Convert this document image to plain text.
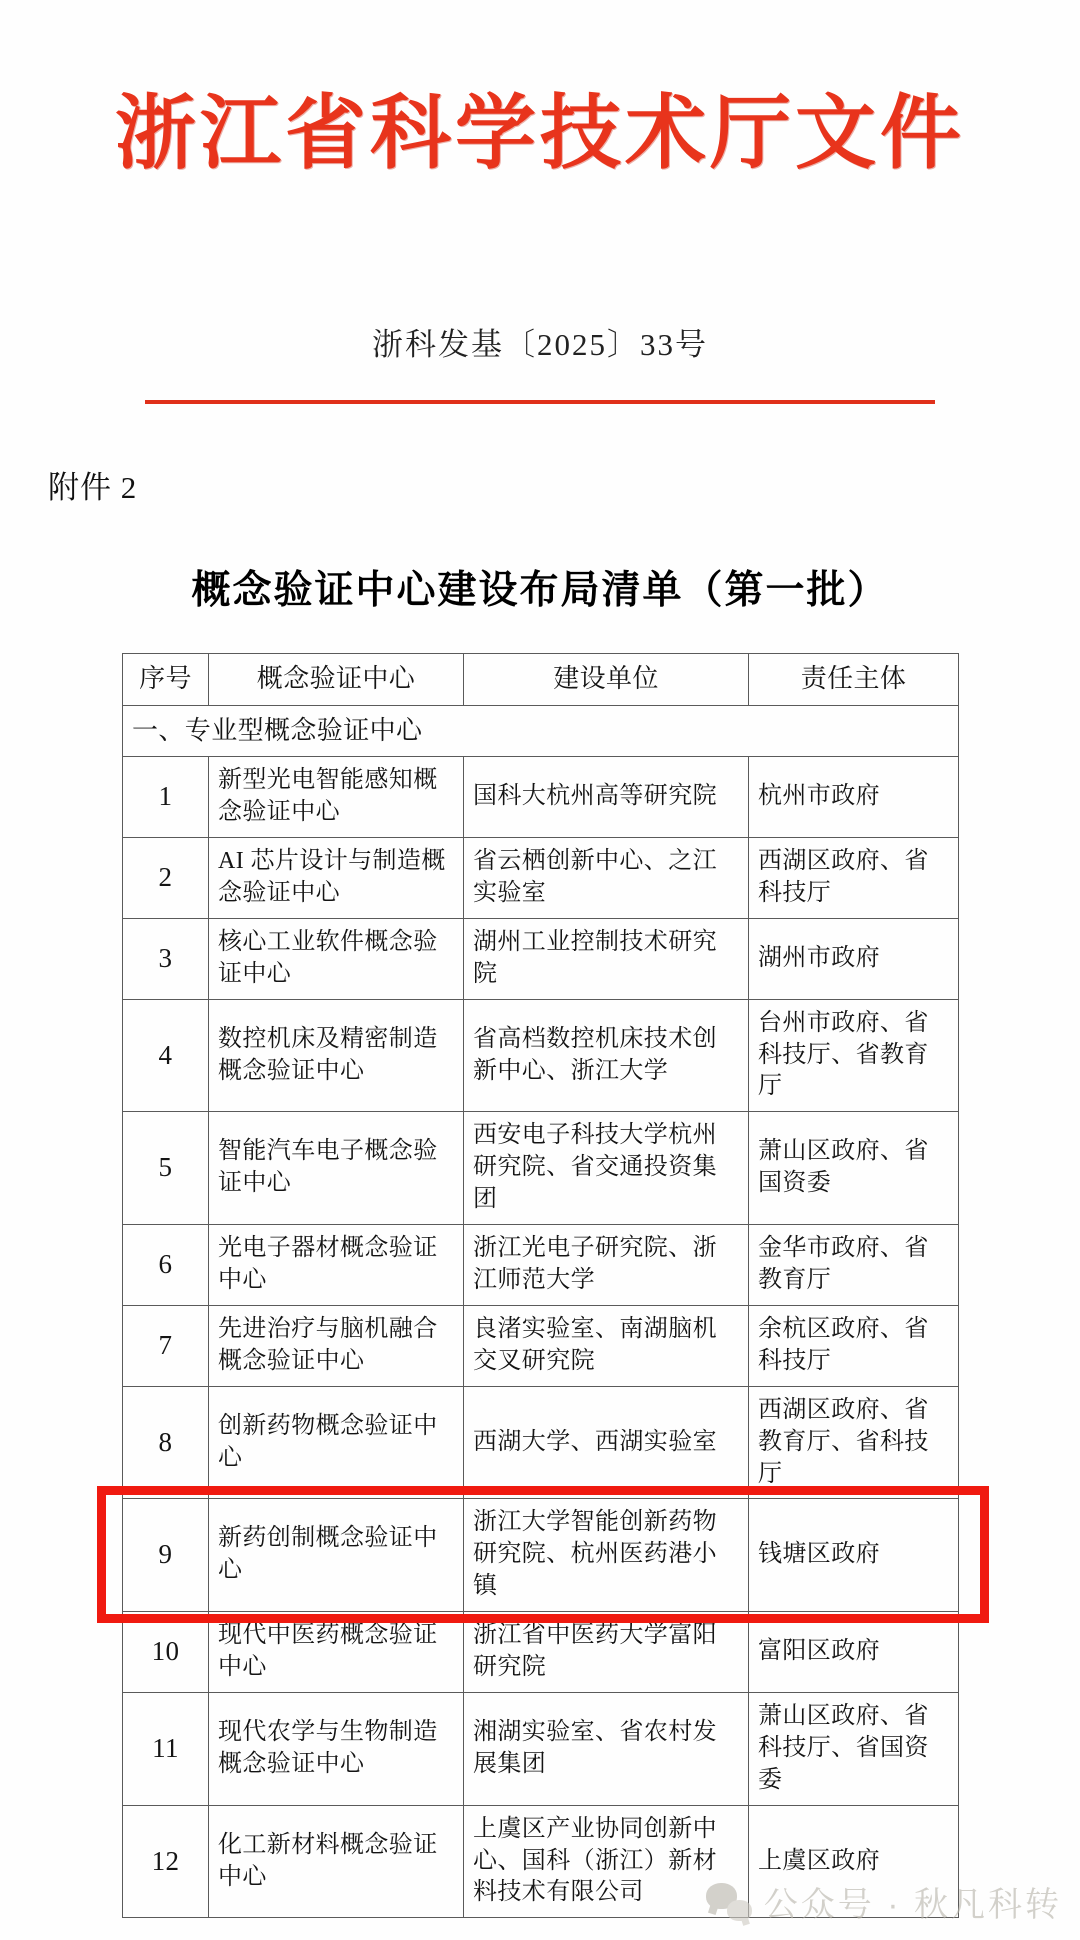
浙江省科学技术厅文件
浙科发基〔2025〕33号
附件 2
概念验证中心建设布局清单（第一批）
序号	概念验证中心	建设单位	责任主体
一、专业型概念验证中心			
1	新型光电智能感知概念验证中心	国科大杭州高等研究院	杭州市政府
2	AI 芯片设计与制造概念验证中心	省云栖创新中心、之江实验室	西湖区政府、省科技厅
3	核心工业软件概念验证中心	湖州工业控制技术研究院	湖州市政府
4	数控机床及精密制造概念验证中心	省高档数控机床技术创新中心、浙江大学	台州市政府、省科技厅、省教育厅
5	智能汽车电子概念验证中心	西安电子科技大学杭州研究院、省交通投资集团	萧山区政府、省国资委
6	光电子器材概念验证中心	浙江光电子研究院、浙江师范大学	金华市政府、省教育厅
7	先进治疗与脑机融合概念验证中心	良渚实验室、南湖脑机交叉研究院	余杭区政府、省科技厅
8	创新药物概念验证中心	西湖大学、西湖实验室	西湖区政府、省教育厅、省科技厅
9	新药创制概念验证中心	浙江大学智能创新药物研究院、杭州医药港小镇	钱塘区政府
10	现代中医药概念验证中心	浙江省中医药大学富阳研究院	富阳区政府
11	现代农学与生物制造概念验证中心	湘湖实验室、省农村发展集团	萧山区政府、省科技厅、省国资委
12	化工新材料概念验证中心	上虞区产业协同创新中心、国科（浙江）新材料技术有限公司	上虞区政府
公众号 · 秋凡科转
